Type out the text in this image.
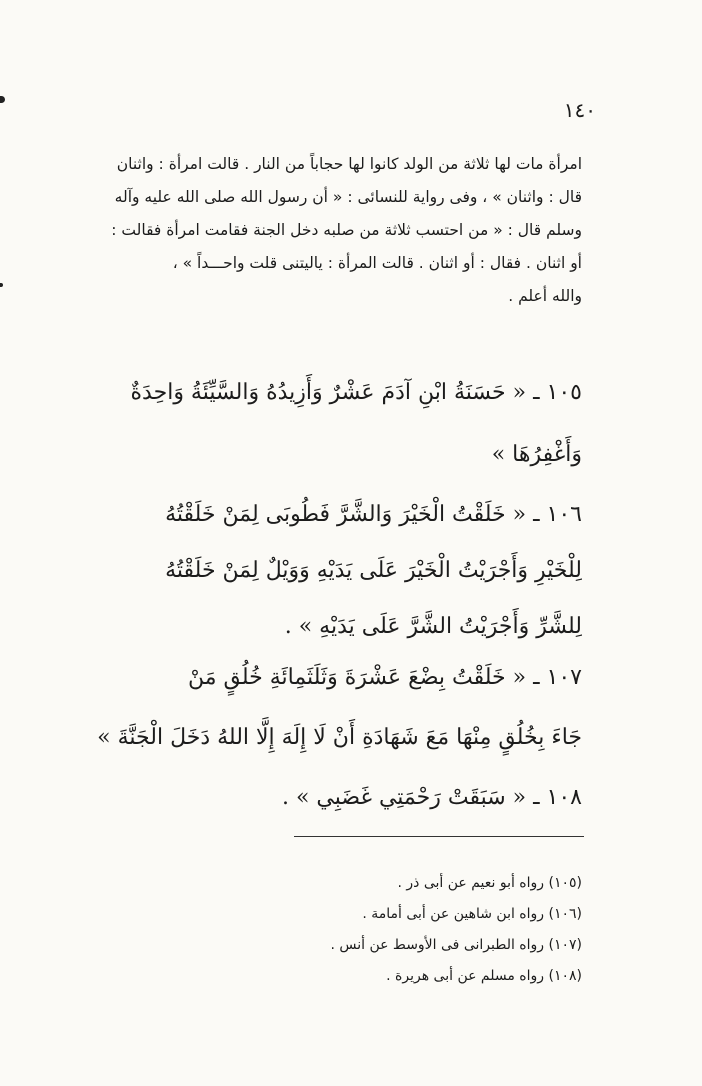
١٤٠
امرأة مات لها ثلاثة من الولد كانوا لها حجاباً من النار . قالت امرأة : واثنان
قال : واثنان » ، وفى رواية للنسائى : « أن رسول الله صلى الله عليه وآله
وسلم قال : « من احتسب ثلاثة من صلبه دخل الجنة فقامت امرأة فقالت :
أو اثنان . فقال : أو اثنان . قالت المرأة : ياليتنى قلت واحـــداً » ،
والله أعلم .
١٠٥ ـ « حَسَنَةُ ابْنِ آدَمَ عَشْرٌ وَأَزِيدُهُ وَالسَّيِّئَةُ وَاحِدَةٌ
وَأَغْفِرُهَا »
١٠٦ ـ « خَلَقْتُ الْخَيْرَ وَالشَّرَّ فَطُوبَى لِمَنْ خَلَقْتُهُ
لِلْخَيْرِ وَأَجْرَيْتُ الْخَيْرَ عَلَى يَدَيْهِ وَوَيْلٌ لِمَنْ خَلَقْتُهُ
لِلشَّرِّ وَأَجْرَيْتُ الشَّرَّ عَلَى يَدَيْهِ » .
١٠٧ ـ « خَلَقْتُ بِضْعَ عَشْرَةَ وَثَلَثَمِائَةِ خُلُقٍ مَنْ
جَاءَ بِخُلُقٍ مِنْهَا مَعَ شَهَادَةِ أَنْ لَا إِلَهَ إِلَّا اللهُ دَخَلَ الْجَنَّةَ »
١٠٨ ـ « سَبَقَتْ رَحْمَتِي غَضَبِي » .
(١٠٥) رواه أبو نعيم عن أبى ذر .
(١٠٦) رواه ابن شاهين عن أبى أمامة .
(١٠٧) رواه الطبرانى فى الأوسط عن أنس .
(١٠٨) رواه مسلم عن أبى هريرة .
